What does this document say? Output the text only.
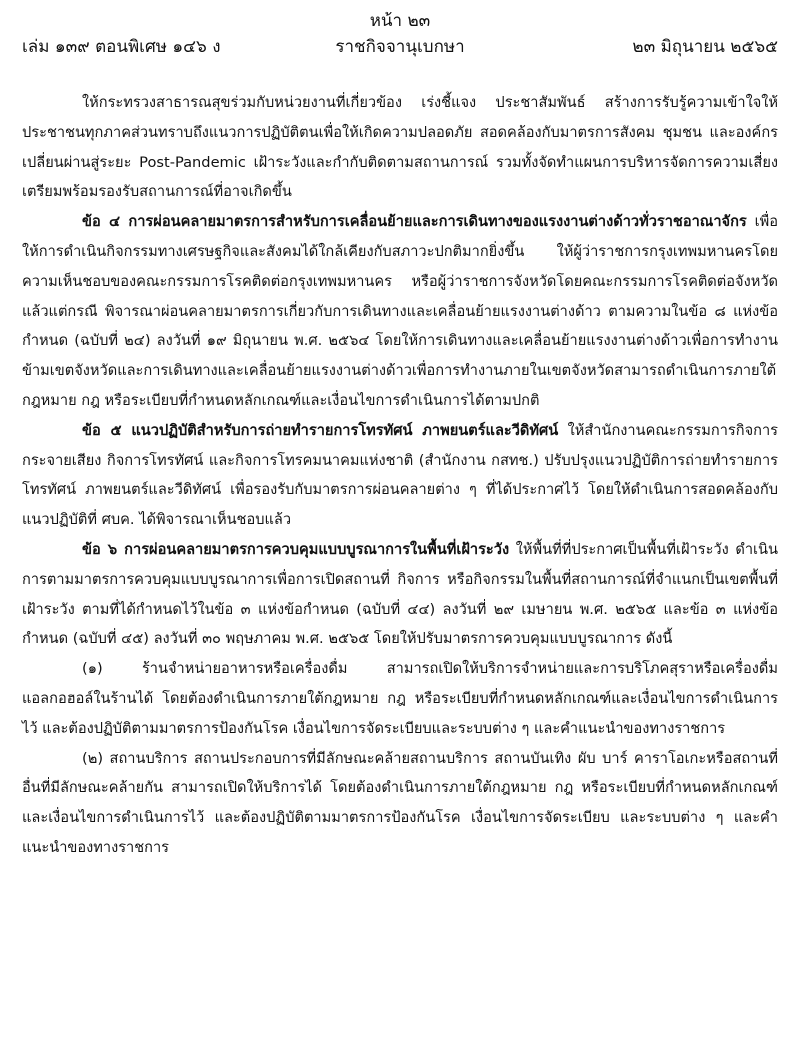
หน้า ๒๓
เล่ม ๑๓๙ ตอนพิเศษ ๑๔๖ ง	ราชกิจจานุเบกษา	๒๓ มิถุนายน ๒๕๖๕

ให้กระทรวงสาธารณสุขร่วมกับหน่วยงานที่เกี่ยวข้อง เร่งชี้แจง ประชาสัมพันธ์ สร้างการรับรู้ความเข้าใจให้ประชาชนทุกภาคส่วนทราบถึงแนวการปฏิบัติตนเพื่อให้เกิดความปลอดภัย สอดคล้องกับมาตรการสังคม ชุมชน และองค์กร เปลี่ยนผ่านสู่ระยะ Post-Pandemic เฝ้าระวังและกำกับติดตามสถานการณ์ รวมทั้งจัดทำแผนการบริหารจัดการความเสี่ยงเตรียมพร้อมรองรับสถานการณ์ที่อาจเกิดขึ้น

ข้อ ๔ การผ่อนคลายมาตรการสำหรับการเคลื่อนย้ายและการเดินทางของแรงงานต่างด้าวทั่วราชอาณาจักร เพื่อให้การดำเนินกิจกรรมทางเศรษฐกิจและสังคมได้ใกล้เคียงกับสภาวะปกติมากยิ่งขึ้น ให้ผู้ว่าราชการกรุงเทพมหานครโดยความเห็นชอบของคณะกรรมการโรคติดต่อกรุงเทพมหานคร หรือผู้ว่าราชการจังหวัดโดยคณะกรรมการโรคติดต่อจังหวัด แล้วแต่กรณี พิจารณาผ่อนคลายมาตรการเกี่ยวกับการเดินทางและเคลื่อนย้ายแรงงานต่างด้าว ตามความในข้อ ๘ แห่งข้อกำหนด (ฉบับที่ ๒๔) ลงวันที่ ๑๙ มิถุนายน พ.ศ. ๒๕๖๔ โดยให้การเดินทางและเคลื่อนย้ายแรงงานต่างด้าวเพื่อการทำงานข้ามเขตจังหวัดและการเดินทางและเคลื่อนย้ายแรงงานต่างด้าวเพื่อการทำงานภายในเขตจังหวัดสามารถดำเนินการภายใต้กฎหมาย กฎ หรือระเบียบที่กำหนดหลักเกณฑ์และเงื่อนไขการดำเนินการได้ตามปกติ

ข้อ ๕ แนวปฏิบัติสำหรับการถ่ายทำรายการโทรทัศน์ ภาพยนตร์และวีดิทัศน์ ให้สำนักงานคณะกรรมการกิจการกระจายเสียง กิจการโทรทัศน์ และกิจการโทรคมนาคมแห่งชาติ (สำนักงาน กสทช.) ปรับปรุงแนวปฏิบัติการถ่ายทำรายการโทรทัศน์ ภาพยนตร์และวีดิทัศน์ เพื่อรองรับกับมาตรการผ่อนคลายต่าง ๆ ที่ได้ประกาศไว้ โดยให้ดำเนินการสอดคล้องกับแนวปฏิบัติที่ ศบค. ได้พิจารณาเห็นชอบแล้ว

ข้อ ๖ การผ่อนคลายมาตรการควบคุมแบบบูรณาการในพื้นที่เฝ้าระวัง ให้พื้นที่ที่ประกาศเป็นพื้นที่เฝ้าระวัง ดำเนินการตามมาตรการควบคุมแบบบูรณาการเพื่อการเปิดสถานที่ กิจการ หรือกิจกรรมในพื้นที่สถานการณ์ที่จำแนกเป็นเขตพื้นที่เฝ้าระวัง ตามที่ได้กำหนดไว้ในข้อ ๓ แห่งข้อกำหนด (ฉบับที่ ๔๔) ลงวันที่ ๒๙ เมษายน พ.ศ. ๒๕๖๕ และข้อ ๓ แห่งข้อกำหนด (ฉบับที่ ๔๕) ลงวันที่ ๓๐ พฤษภาคม พ.ศ. ๒๕๖๕ โดยให้ปรับมาตรการควบคุมแบบบูรณาการ ดังนี้

(๑) ร้านจำหน่ายอาหารหรือเครื่องดื่ม สามารถเปิดให้บริการจำหน่ายและการบริโภคสุราหรือเครื่องดื่มแอลกอฮอล์ในร้านได้ โดยต้องดำเนินการภายใต้กฎหมาย กฎ หรือระเบียบที่กำหนดหลักเกณฑ์และเงื่อนไขการดำเนินการไว้ และต้องปฏิบัติตามมาตรการป้องกันโรค เงื่อนไขการจัดระเบียบและระบบต่าง ๆ และคำแนะนำของทางราชการ

(๒) สถานบริการ สถานประกอบการที่มีลักษณะคล้ายสถานบริการ สถานบันเทิง ผับ บาร์ คาราโอเกะหรือสถานที่อื่นที่มีลักษณะคล้ายกัน สามารถเปิดให้บริการได้ โดยต้องดำเนินการภายใต้กฎหมาย กฎ หรือระเบียบที่กำหนดหลักเกณฑ์และเงื่อนไขการดำเนินการไว้ และต้องปฏิบัติตามมาตรการป้องกันโรค เงื่อนไขการจัดระเบียบ และระบบต่าง ๆ และคำแนะนำของทางราชการ
